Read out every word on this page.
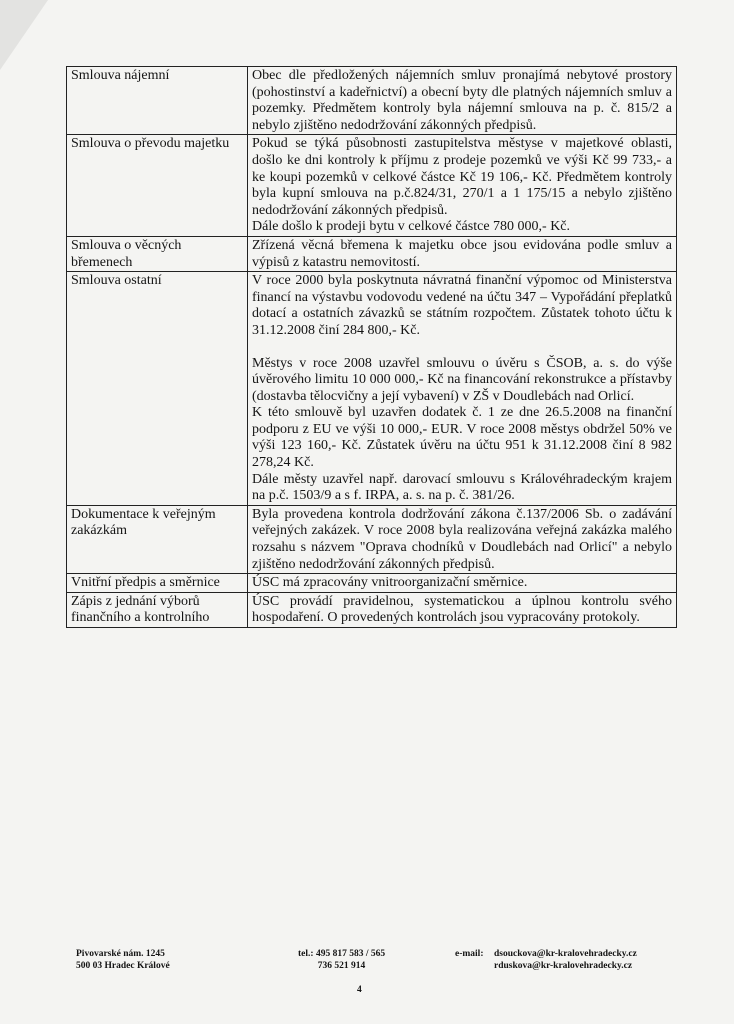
Smlouva nájemní	Obec dle předložených nájemních smluv pronajímá nebytové prostory (pohostinství a kadeřnictví) a obecní byty dle platných nájemních smluv a pozemky. Předmětem kontroly byla nájemní smlouva na p. č. 815/2 a nebylo zjištěno nedodržování zákonných předpisů.

Smlouva o převodu majetku	Pokud se týká působnosti zastupitelstva městyse v majetkové oblasti, došlo ke dni kontroly k příjmu z prodeje pozemků ve výši Kč 99 733,- a ke koupi pozemků v celkové částce Kč 19 106,- Kč. Předmětem kontroly byla kupní smlouva na p.č.824/31, 270/1 a 1 175/15 a nebylo zjištěno nedodržování zákonných předpisů.
Dále došlo k prodeji bytu v celkové částce 780 000,- Kč.

Smlouva o věcných břemenech	Zřízená věcná břemena k majetku obce jsou evidována podle smluv a výpisů z katastru nemovitostí.

Smlouva ostatní	V roce 2000 byla poskytnuta návratná finanční výpomoc od Ministerstva financí na výstavbu vodovodu vedené na účtu 347 – Vypořádání přeplatků dotací a ostatních závazků se státním rozpočtem. Zůstatek tohoto účtu k 31.12.2008 činí 284 800,- Kč.
Městys v roce 2008 uzavřel smlouvu o úvěru s ČSOB, a. s. do výše úvěrového limitu 10 000 000,- Kč na financování rekonstrukce a přístavby (dostavba tělocvičny a její vybavení) v ZŠ v Doudlebách nad Orlicí.
K této smlouvě byl uzavřen dodatek č. 1 ze dne 26.5.2008 na finanční podporu z EU ve výši 10 000,- EUR. V roce 2008 městys obdržel 50% ve výši 123 160,- Kč. Zůstatek úvěru na účtu 951 k 31.12.2008 činí 8 982 278,24 Kč.
Dále městy uzavřel např. darovací smlouvu s Královéhradeckým krajem na p.č. 1503/9 a s f. IRPA, a. s. na p. č. 381/26.

Dokumentace k veřejným zakázkám	Byla provedena kontrola dodržování zákona č.137/2006 Sb. o zadávání veřejných zakázek. V roce 2008 byla realizována veřejná zakázka malého rozsahu s názvem "Oprava chodníků v Doudlebách nad Orlicí" a nebylo zjištěno nedodržování zákonných předpisů.

Vnitřní předpis a směrnice	ÚSC má zpracovány vnitroorganizační směrnice.

Zápis z jednání výborů finančního a kontrolního	ÚSC provádí pravidelnou, systematickou a úplnou kontrolu svého hospodaření. O provedených kontrolách jsou vypracovány protokoly.
Pivovarské nám. 1245
500 03 Hradec Králové
tel.: 495 817 583 / 565
736 521 914
e-mail: dsouckova@kr-kralovehradecky.cz
rduskova@kr-kralovehradecky.cz
4
